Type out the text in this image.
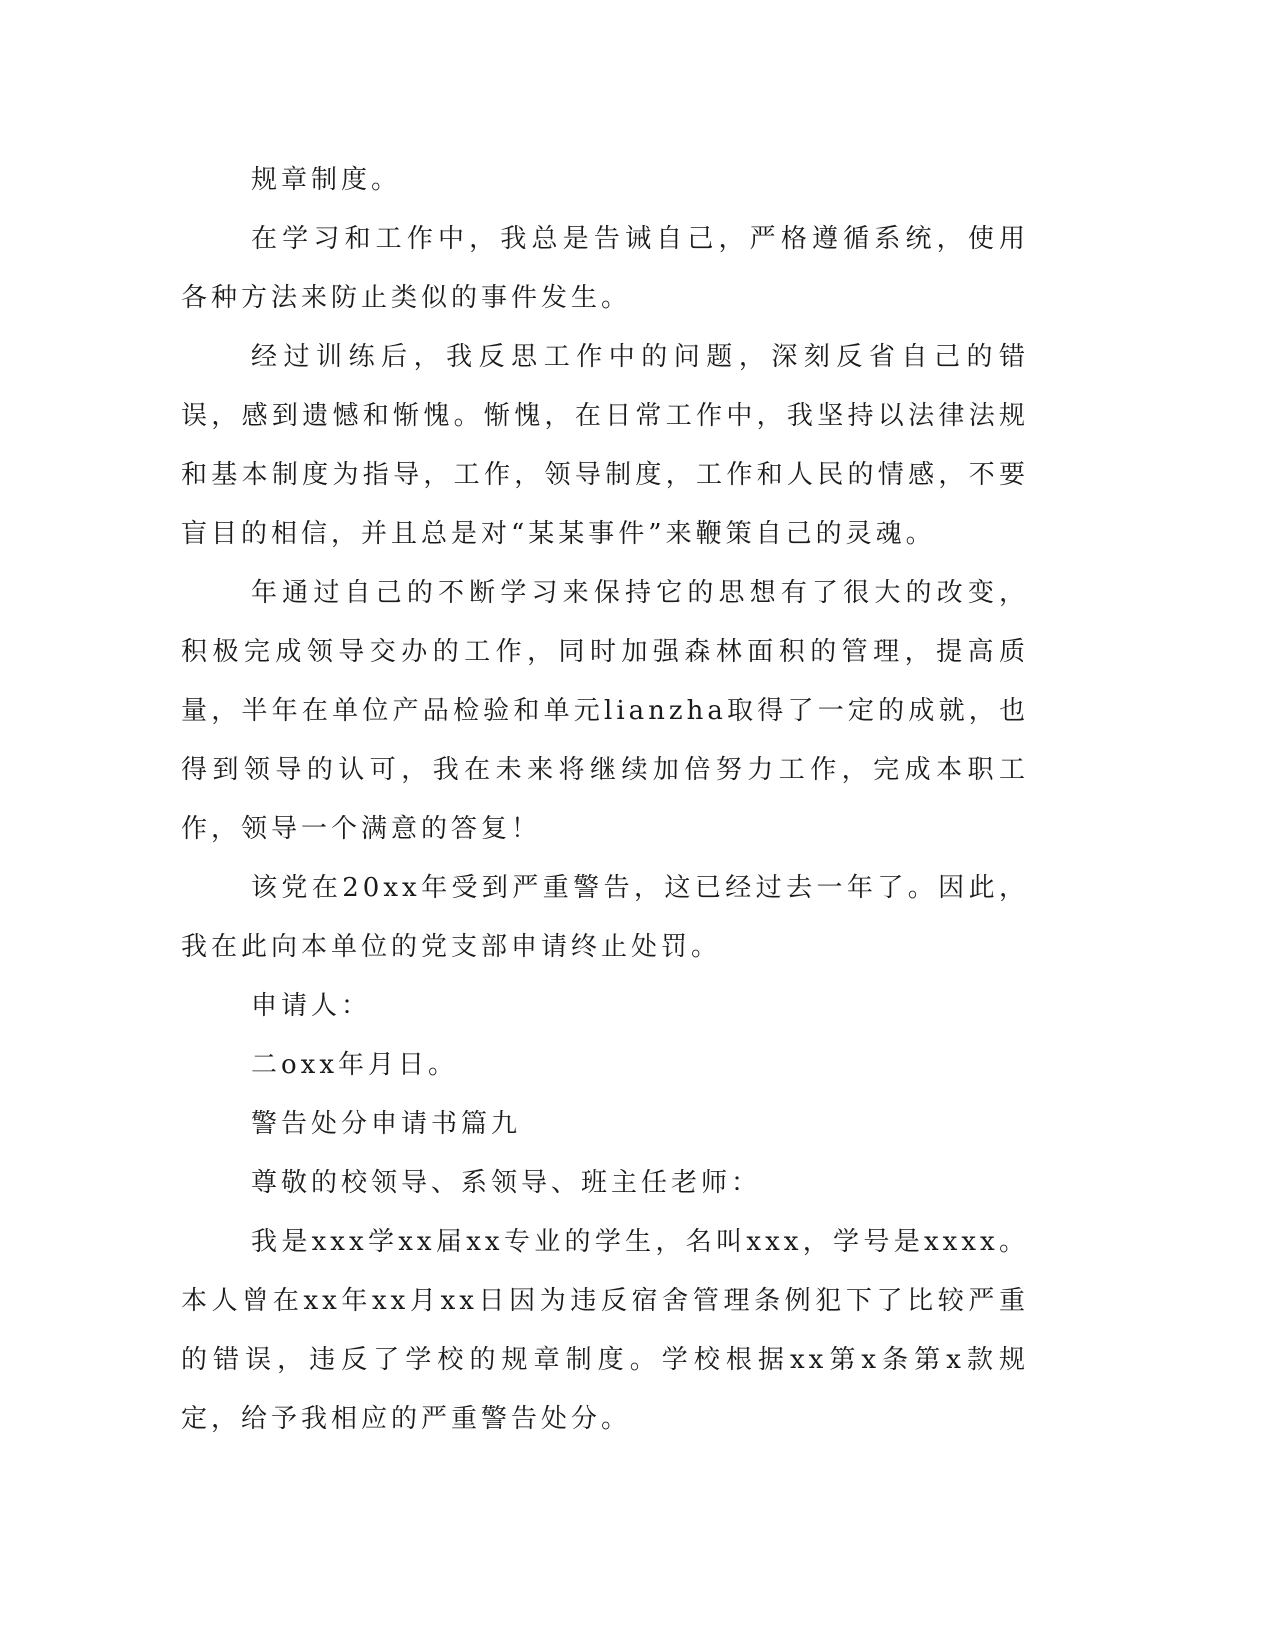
规章制度。

在学习和工作中，我总是告诫自己，严格遵循系统，使用各种方法来防止类似的事件发生。

经过训练后，我反思工作中的问题，深刻反省自己的错误，感到遗憾和惭愧。惭愧，在日常工作中，我坚持以法律法规和基本制度为指导，工作，领导制度，工作和人民的情感，不要盲目的相信，并且总是对“某某事件”来鞭策自己的灵魂。

年通过自己的不断学习来保持它的思想有了很大的改变，积极完成领导交办的工作，同时加强森林面积的管理，提高质量，半年在单位产品检验和单元lianzha取得了一定的成就，也得到领导的认可，我在未来将继续加倍努力工作，完成本职工作，领导一个满意的答复！

该党在20xx年受到严重警告，这已经过去一年了。因此，我在此向本单位的党支部申请终止处罚。

申请人：

二oxx年月日。

警告处分申请书篇九

尊敬的校领导、系领导、班主任老师：

我是xxx学xx届xx专业的学生，名叫xxx，学号是xxxx。本人曾在xx年xx月xx日因为违反宿舍管理条例犯下了比较严重的错误，违反了学校的规章制度。学校根据xx第x条第x款规定，给予我相应的严重警告处分。
